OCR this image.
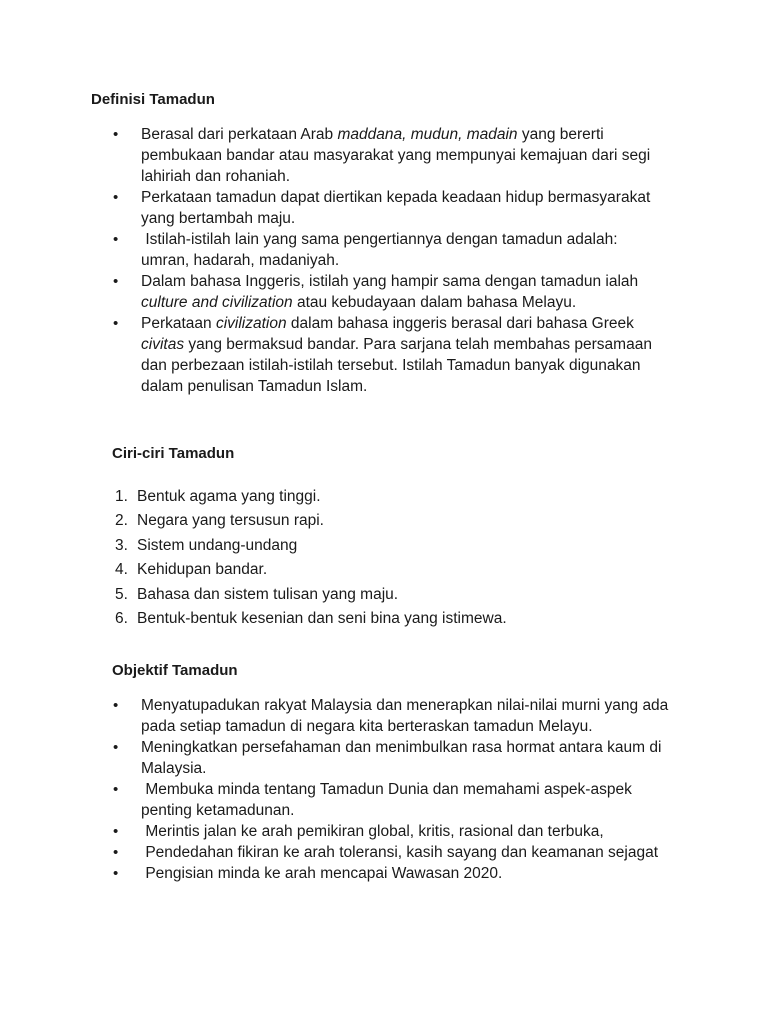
Definisi Tamadun
• Berasal dari perkataan Arab maddana, mudun, madain yang bererti pembukaan bandar atau masyarakat yang mempunyai kemajuan dari segi lahiriah dan rohaniah.
• Perkataan tamadun dapat diertikan kepada keadaan hidup bermasyarakat yang bertambah maju.
• Istilah-istilah lain yang sama pengertiannya dengan tamadun adalah: umran, hadarah, madaniyah.
• Dalam bahasa Inggeris, istilah yang hampir sama dengan tamadun ialah culture and civilization atau kebudayaan dalam bahasa Melayu.
• Perkataan civilization dalam bahasa inggeris berasal dari bahasa Greek civitas yang bermaksud bandar. Para sarjana telah membahas persamaan dan perbezaan istilah-istilah tersebut. Istilah Tamadun banyak digunakan dalam penulisan Tamadun Islam.
Ciri-ciri Tamadun
1. Bentuk agama yang tinggi.
2. Negara yang tersusun rapi.
3. Sistem undang-undang
4. Kehidupan bandar.
5. Bahasa dan sistem tulisan yang maju.
6. Bentuk-bentuk kesenian dan seni bina yang istimewa.
Objektif Tamadun
• Menyatupadukan rakyat Malaysia dan menerapkan nilai-nilai murni yang ada pada setiap tamadun di negara kita berteraskan tamadun Melayu.
• Meningkatkan persefahaman dan menimbulkan rasa hormat antara kaum di Malaysia.
• Membuka minda tentang Tamadun Dunia dan memahami aspek-aspek penting ketamadunan.
• Merintis jalan ke arah pemikiran global, kritis, rasional dan terbuka,
• Pendedahan fikiran ke arah toleransi, kasih sayang dan keamanan sejagat
• Pengisian minda ke arah mencapai Wawasan 2020.
